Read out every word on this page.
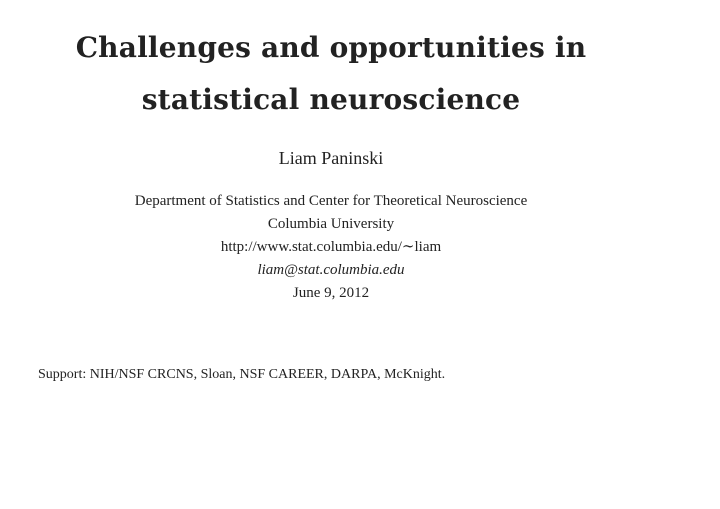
Challenges and opportunities in
statistical neuroscience
Liam Paninski
Department of Statistics and Center for Theoretical Neuroscience
Columbia University
http://www.stat.columbia.edu/∼liam
liam@stat.columbia.edu
June 9, 2012
Support: NIH/NSF CRCNS, Sloan, NSF CAREER, DARPA, McKnight.
